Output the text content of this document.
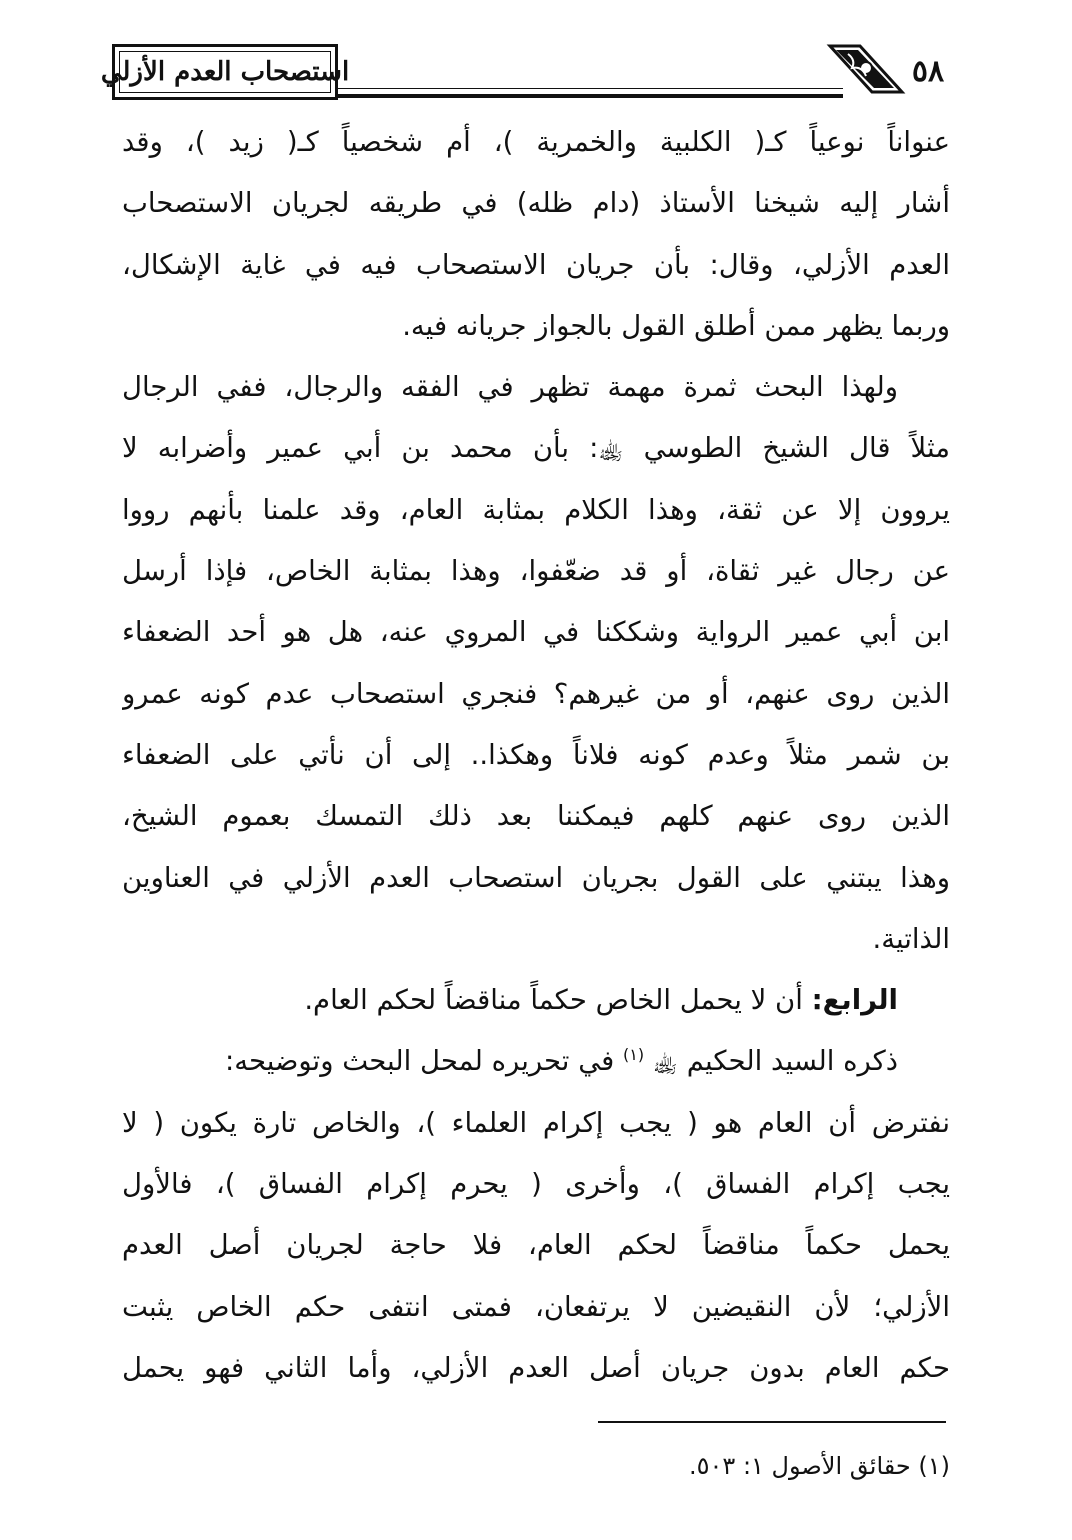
٥٨
استصحاب العدم الأزلي
عنواناً نوعياً كـ( الكلبية والخمرية )، أم شخصياً كـ( زيد )، وقد
أشار إليه شيخنا الأستاذ (دام ظله) في طريقه لجريان الاستصحاب
العدم الأزلي، وقال: بأن جريان الاستصحاب فيه في غاية الإشكال،
وربما يظهر ممن أطلق القول بالجواز جريانه فيه.
ولهذا البحث ثمرة مهمة تظهر في الفقه والرجال، ففي الرجال
مثلاً قال الشيخ الطوسي ﵀: بأن محمد بن أبي عمير وأضرابه لا
يروون إلا عن ثقة، وهذا الكلام بمثابة العام، وقد علمنا بأنهم رووا
عن رجال غير ثقاة، أو قد ضعّفوا، وهذا بمثابة الخاص، فإذا أرسل
ابن أبي عمير الرواية وشككنا في المروي عنه، هل هو أحد الضعفاء
الذين روى عنهم، أو من غيرهم؟ فنجري استصحاب عدم كونه عمرو
بن شمر مثلاً وعدم كونه فلاناً وهكذا.. إلى أن نأتي على الضعفاء
الذين روى عنهم كلهم فيمكننا بعد ذلك التمسك بعموم الشيخ،
وهذا يبتني على القول بجريان استصحاب العدم الأزلي في العناوين
الذاتية.
الرابع: أن لا يحمل الخاص حكماً مناقضاً لحكم العام.
ذكره السيد الحكيم ﵀ $^{(١)}$ في تحريره لمحل البحث وتوضيحه:
نفترض أن العام هو ( يجب إكرام العلماء )، والخاص تارة يكون ( لا
يجب إكرام الفساق )، وأخرى ( يحرم إكرام الفساق )، فالأول
يحمل حكماً مناقضاً لحكم العام، فلا حاجة لجريان أصل العدم
الأزلي؛ لأن النقيضين لا يرتفعان، فمتى انتفى حكم الخاص يثبت
حكم العام بدون جريان أصل العدم الأزلي، وأما الثاني فهو يحمل
(١) حقائق الأصول ١: ٥٠٣.
